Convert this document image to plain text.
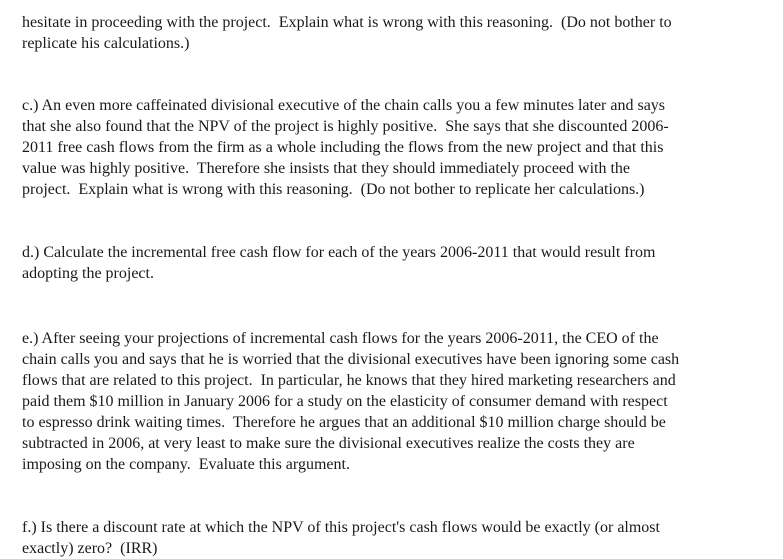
hesitate in proceeding with the project.  Explain what is wrong with this reasoning.  (Do not bother to
replicate his calculations.)

c.) An even more caffeinated divisional executive of the chain calls you a few minutes later and says
that she also found that the NPV of the project is highly positive.  She says that she discounted 2006-
2011 free cash flows from the firm as a whole including the flows from the new project and that this
value was highly positive.  Therefore she insists that they should immediately proceed with the
project.  Explain what is wrong with this reasoning.  (Do not bother to replicate her calculations.)

d.) Calculate the incremental free cash flow for each of the years 2006-2011 that would result from
adopting the project.

e.) After seeing your projections of incremental cash flows for the years 2006-2011, the CEO of the
chain calls you and says that he is worried that the divisional executives have been ignoring some cash
flows that are related to this project.  In particular, he knows that they hired marketing researchers and
paid them $10 million in January 2006 for a study on the elasticity of consumer demand with respect
to espresso drink waiting times.  Therefore he argues that an additional $10 million charge should be
subtracted in 2006, at very least to make sure the divisional executives realize the costs they are
imposing on the company.  Evaluate this argument.

f.) Is there a discount rate at which the NPV of this project's cash flows would be exactly (or almost
exactly) zero?  (IRR)
